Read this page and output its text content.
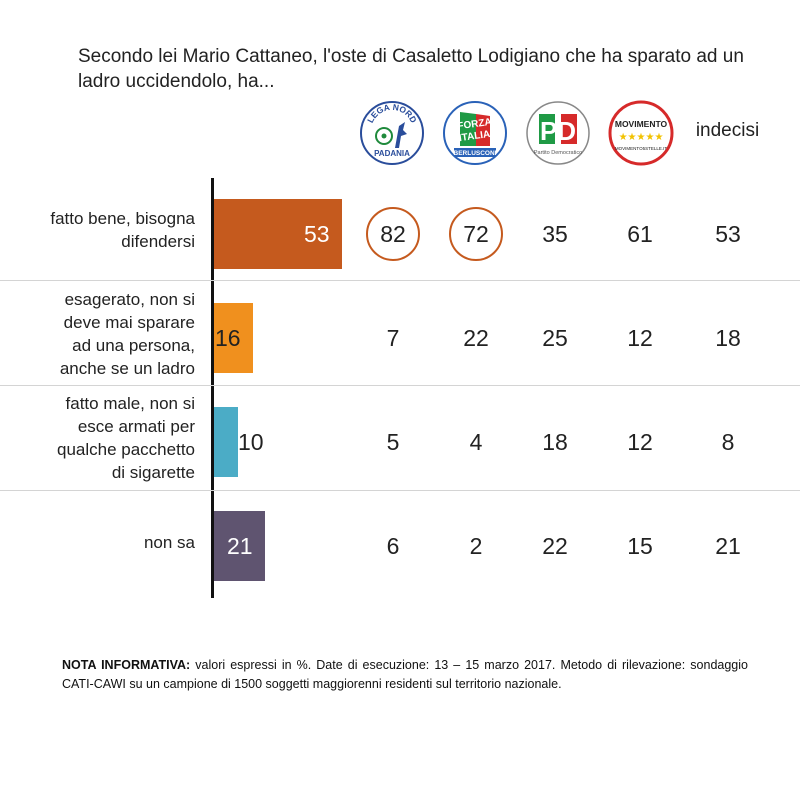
Secondo lei Mario Cattaneo, l'oste di Casaletto Lodigiano che ha sparato ad un ladro uccidendolo, ha...
LEGA NORD
PADANIA
FORZA
ITALIA
BERLUSCONI
PD
Partito Democratico
MOVIMENTO
★★★★★
MOVIMENTO5STELLE.IT
indecisi
fatto bene, bisogna
difendersi	53	82	72	35	61	53
esagerato, non si
deve mai sparare
ad una persona,
anche se un ladro
16	7	22	25	12	18
fatto male, non si
esce armati per
qualche pacchetto
di sigarette
10	5	4	18	12	8
non sa 21	6	2	22	15	21
NOTA INFORMATIVA: valori espressi in %. Date di esecuzione: 13 – 15 marzo 2017. Metodo di rilevazione: sondaggio CATI-CAWI su un campione di 1500 soggetti maggiorenni residenti sul territorio nazionale.
